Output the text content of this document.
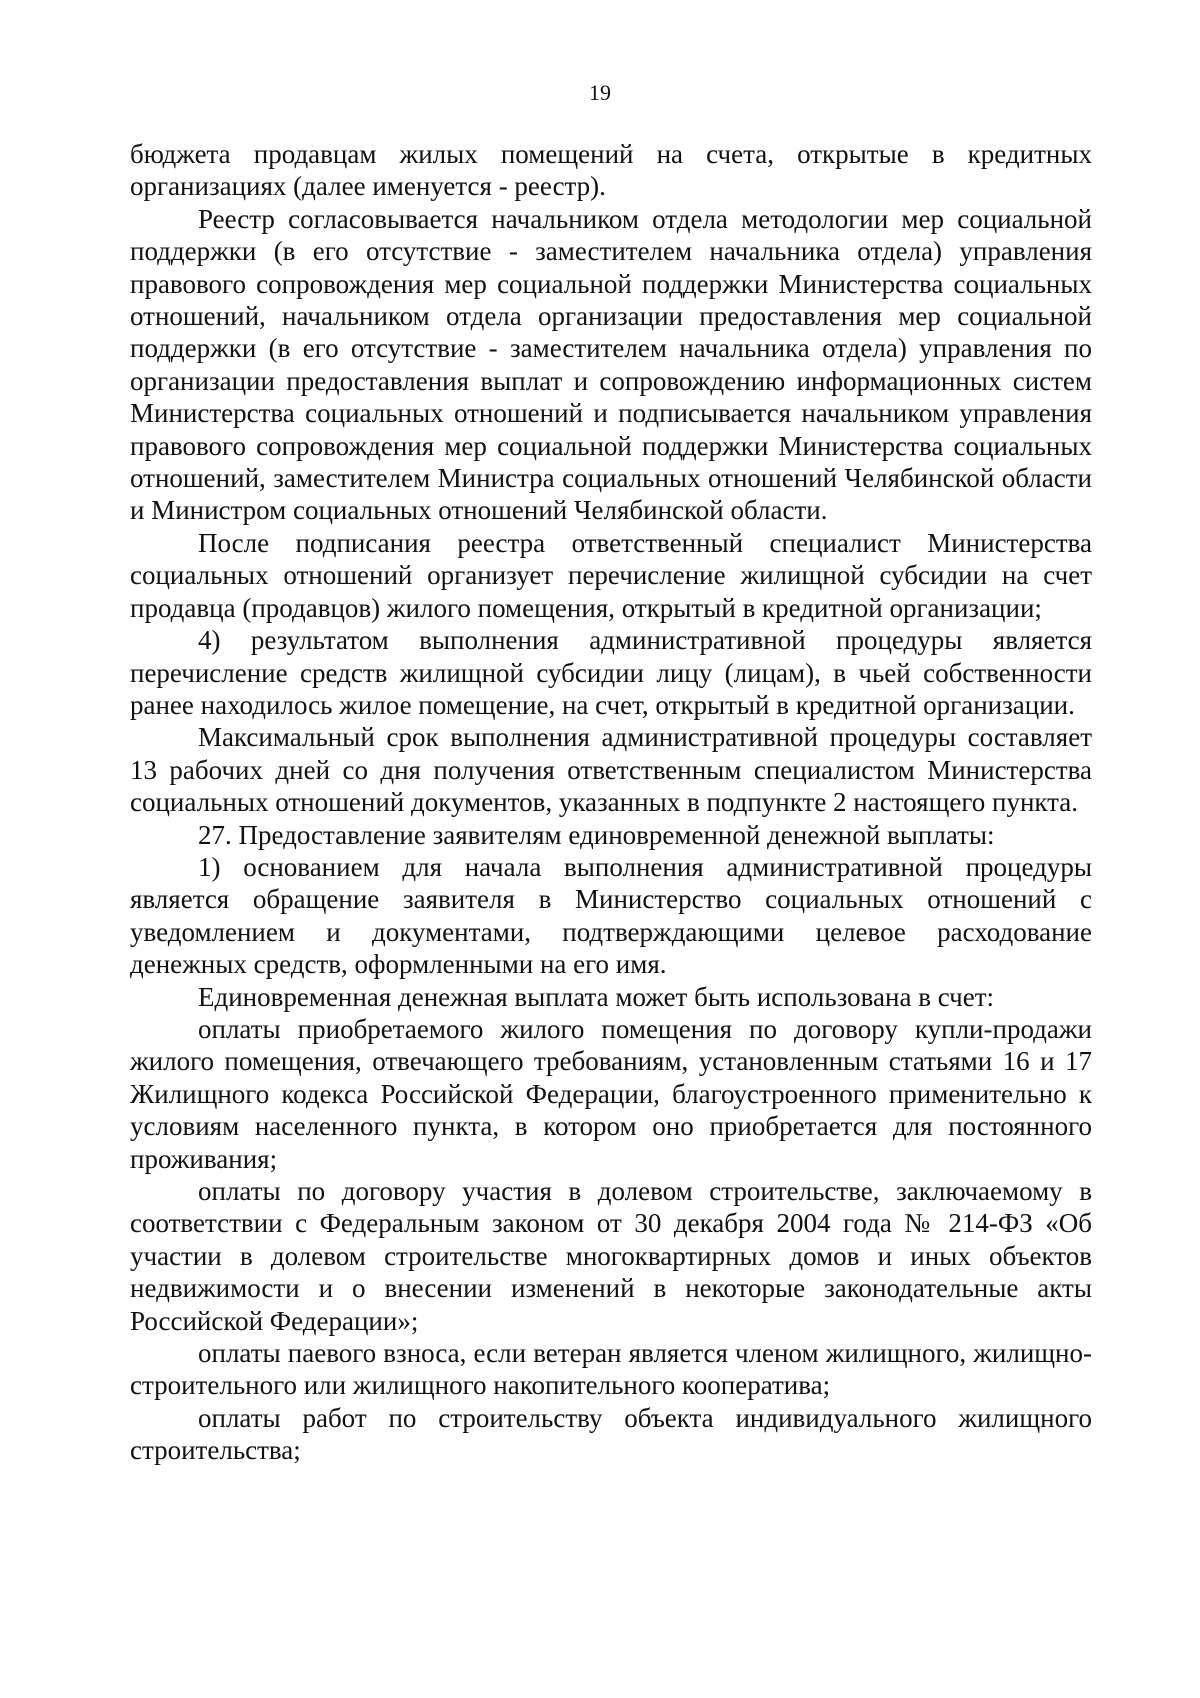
19

бюджета продавцам жилых помещений на счета, открытые в кредитных организациях (далее именуется - реестр).

Реестр согласовывается начальником отдела методологии мер социальной поддержки (в его отсутствие - заместителем начальника отдела) управления правового сопровождения мер социальной поддержки Министерства социальных отношений, начальником отдела организации предоставления мер социальной поддержки (в его отсутствие - заместителем начальника отдела) управления по организации предоставления выплат и сопровождению информационных систем Министерства социальных отношений и подписывается начальником управления правового сопровождения мер социальной поддержки Министерства социальных отношений, заместителем Министра социальных отношений Челябинской области и Министром социальных отношений Челябинской области.

После подписания реестра ответственный специалист Министерства социальных отношений организует перечисление жилищной субсидии на счет продавца (продавцов) жилого помещения, открытый в кредитной организации;

4) результатом выполнения административной процедуры является перечисление средств жилищной субсидии лицу (лицам), в чьей собственности ранее находилось жилое помещение, на счет, открытый в кредитной организации.

Максимальный срок выполнения административной процедуры составляет 13 рабочих дней со дня получения ответственным специалистом Министерства социальных отношений документов, указанных в подпункте 2 настоящего пункта.

27. Предоставление заявителям единовременной денежной выплаты:

1) основанием для начала выполнения административной процедуры является обращение заявителя в Министерство социальных отношений с уведомлением и документами, подтверждающими целевое расходование денежных средств, оформленными на его имя.

Единовременная денежная выплата может быть использована в счет:

оплаты приобретаемого жилого помещения по договору купли-продажи жилого помещения, отвечающего требованиям, установленным статьями 16 и 17 Жилищного кодекса Российской Федерации, благоустроенного применительно к условиям населенного пункта, в котором оно приобретается для постоянного проживания;

оплаты по договору участия в долевом строительстве, заключаемому в соответствии с Федеральным законом от 30 декабря 2004 года № 214-ФЗ «Об участии в долевом строительстве многоквартирных домов и иных объектов недвижимости и о внесении изменений в некоторые законодательные акты Российской Федерации»;

оплаты паевого взноса, если ветеран является членом жилищного, жилищно-строительного или жилищного накопительного кооператива;

оплаты работ по строительству объекта индивидуального жилищного строительства;
